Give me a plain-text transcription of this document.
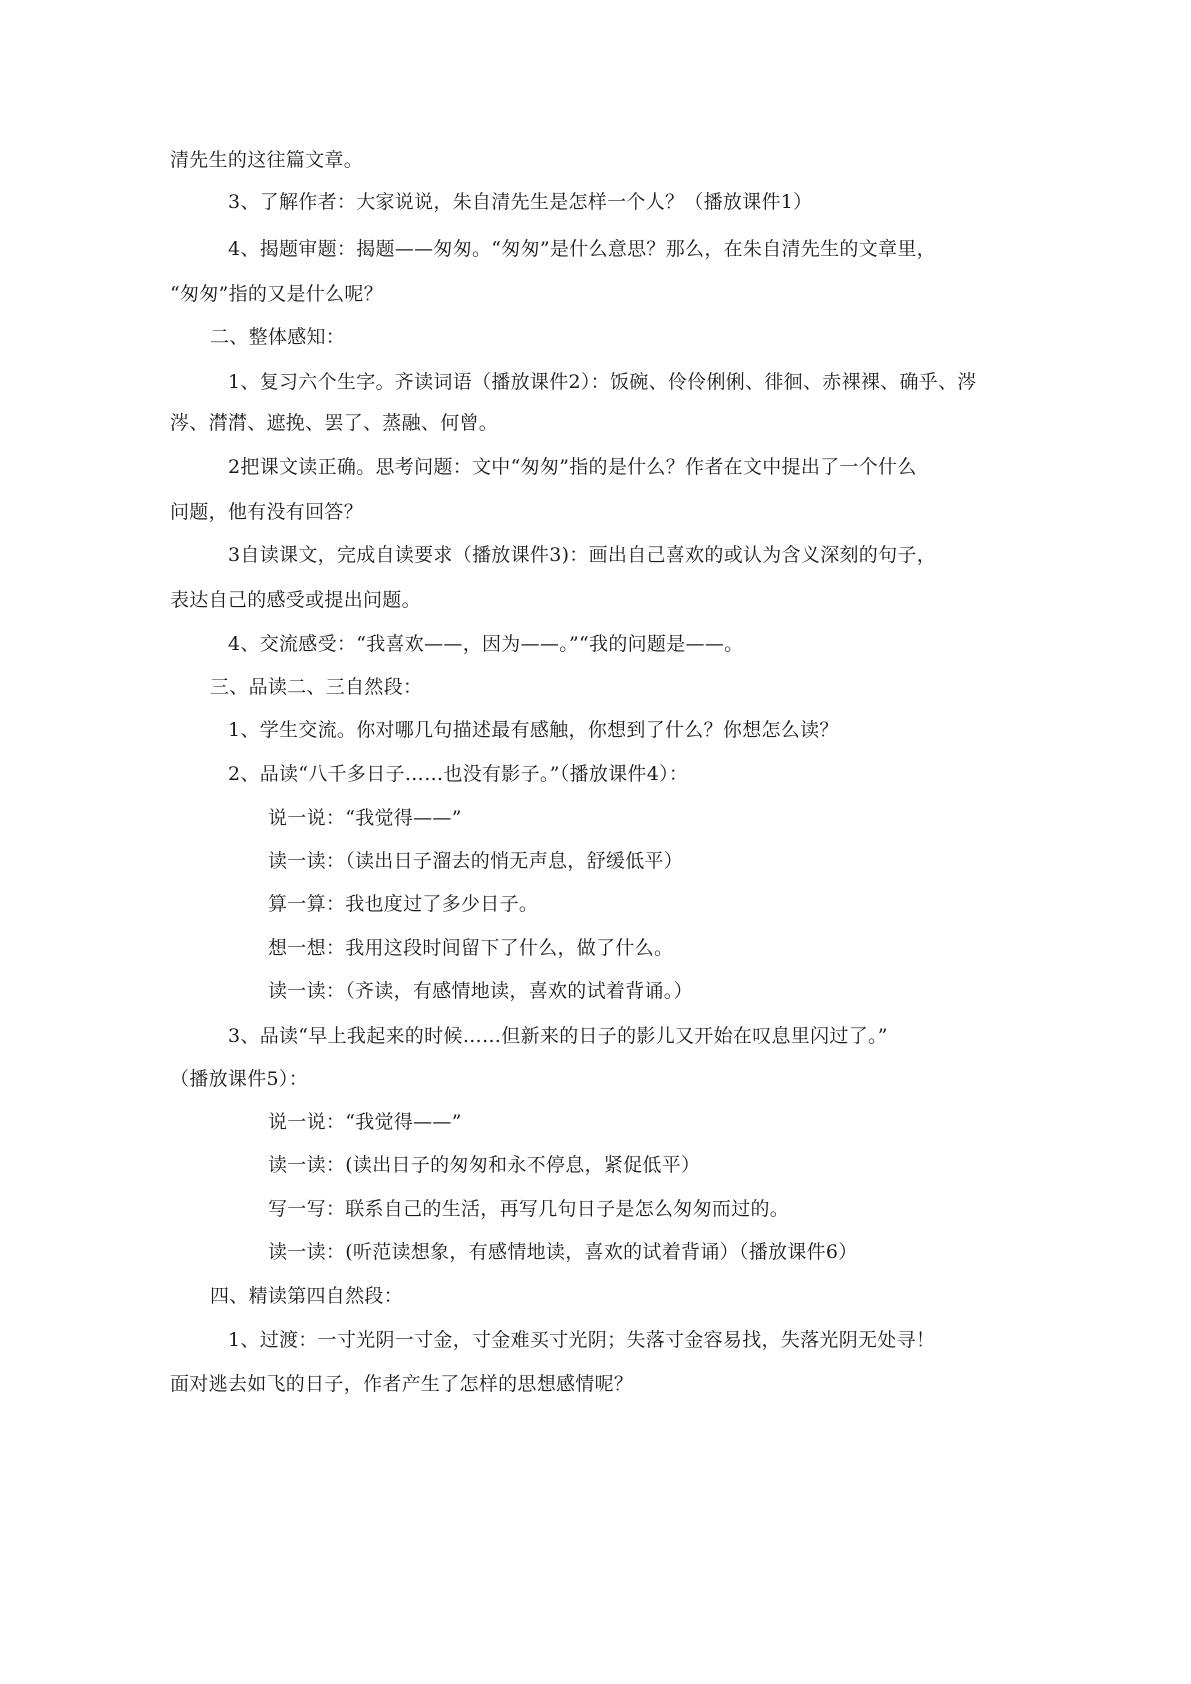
清先生的这往篇文章。
3、了解作者：大家说说，朱自清先生是怎样一个人？（播放课件1）
4、揭题审题：揭题——匆匆。“匆匆”是什么意思？那么，在朱自清先生的文章里，
“匆匆”指的又是什么呢？
二、整体感知：
1、复习六个生字。齐读词语（播放课件2）：饭碗、伶伶俐俐、徘徊、赤裸裸、确乎、涔
涔、潸潸、遮挽、罢了、蒸融、何曾。
2把课文读正确。思考问题：文中“匆匆”指的是什么？作者在文中提出了一个什么
问题，他有没有回答？
3自读课文，完成自读要求（播放课件3)：画出自己喜欢的或认为含义深刻的句子，
表达自己的感受或提出问题。
4、交流感受：“我喜欢——，因为——。”“我的问题是——。
三、品读二、三自然段：
1、学生交流。你对哪几句描述最有感触，你想到了什么？你想怎么读？
2、品读“八千多日子……也没有影子。”（播放课件4）：
说一说：“我觉得——”
读一读：（读出日子溜去的悄无声息，舒缓低平）
算一算：我也度过了多少日子。
想一想：我用这段时间留下了什么，做了什么。
读一读：（齐读，有感情地读，喜欢的试着背诵。）
3、品读“早上我起来的时候……但新来的日子的影儿又开始在叹息里闪过了。”
（播放课件5）：
说一说：“我觉得——”
读一读：(读出日子的匆匆和永不停息，紧促低平）
写一写：联系自己的生活，再写几句日子是怎么匆匆而过的。
读一读：(听范读想象，有感情地读，喜欢的试着背诵）（播放课件6）
四、精读第四自然段：
1、过渡：一寸光阴一寸金，寸金难买寸光阴；失落寸金容易找，失落光阴无处寻！
面对逃去如飞的日子，作者产生了怎样的思想感情呢？
